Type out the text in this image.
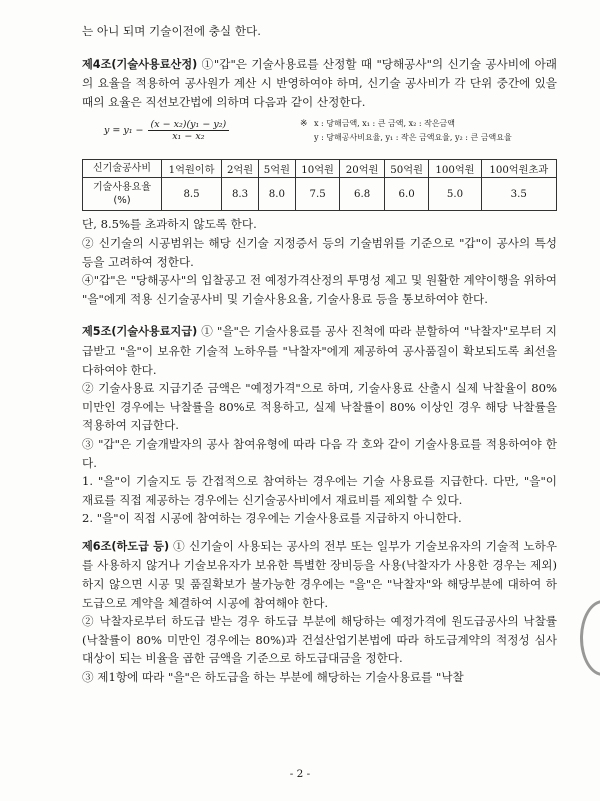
는 아니 되며 기술이전에 충실 한다.

제4조(기술사용료산정) ①"갑"은 기술사용료를 산정할 때 "당해공사"의 신기술 공사비에 아래의 요율을 적용하여 공사원가 계산 시 반영하여야 하며, 신기술 공사비가 각 단위 중간에 있을 때의 요율은 직선보간법에 의하며 다음과 같이 산정한다.

$y = y_1 - \frac{\text{(x − x₂)(y₁ − y₂)}}{\text{x₁ − x₂}}$	※ x : 당해금액, x₁ : 큰 금액, x₂ : 작은금액
y : 당해공사비요율, y₁ : 작은 금액요율, y₂ : 큰 금액요율
신기술공사비	1억원이하	2억원	5억원	10억원	20억원	50억원	100억원	100억원초과
기술사용요율 (%)	8.5	8.3	8.0	7.5	6.8	6.0	5.0	3.5

단, 8.5%를 초과하지 않도록 한다.

② 신기술의 시공범위는 해당 신기술 지정증서 등의 기술범위를 기준으로 "갑"이 공사의 특성 등을 고려하여 정한다.

④"갑"은 "당해공사"의 입찰공고 전 예정가격산정의 투명성 제고 및 원활한 계약이행을 위하여 "을"에게 적용 신기술공사비 및 기술사용요율, 기술사용료 등을 통보하여야 한다.

제5조(기술사용료지급) ① "을"은 기술사용료를 공사 진척에 따라 분할하여 "낙찰자"로부터 지급받고 "을"이 보유한 기술적 노하우를 "낙찰자"에게 제공하여 공사품질이 확보되도록 최선을 다하여야 한다.

② 기술사용료 지급기준 금액은 "예정가격"으로 하며, 기술사용료 산출시 실제 낙찰율이 80% 미만인 경우에는 낙찰률을 80%로 적용하고, 실제 낙찰률이 80% 이상인 경우 해당 낙찰률을 적용하여 지급한다.

③ "갑"은 기술개발자의 공사 참여유형에 따라 다음 각 호와 같이 기술사용료를 적용하여야 한다.

1. "을"이 기술지도 등 간접적으로 참여하는 경우에는 기술 사용료를 지급한다. 다만, "을"이 재료를 직접 제공하는 경우에는 신기술공사비에서 재료비를 제외할 수 있다.

2. "을"이 직접 시공에 참여하는 경우에는 기술사용료를 지급하지 아니한다.

제6조(하도급 등) ① 신기술이 사용되는 공사의 전부 또는 일부가 기술보유자의 기술적 노하우를 사용하지 않거나 기술보유자가 보유한 특별한 장비등을 사용(낙찰자가 사용한 경우는 제외)하지 않으면 시공 및 품질확보가 불가능한 경우에는 "을"은 "낙찰자"와 해당부분에 대하여 하도급으로 계약을 체결하여 시공에 참여해야 한다.

② 낙찰자로부터 하도급 받는 경우 하도급 부분에 해당하는 예정가격에 원도급공사의 낙찰률(낙찰률이 80% 미만인 경우에는 80%)과 건설산업기본법에 따라 하도급계약의 적정성 심사 대상이 되는 비율을 곱한 금액을 기준으로 하도급대금을 정한다.

③ 제1항에 따라 "을"은 하도급을 하는 부분에 해당하는 기술사용료를 "낙찰

- 2 -
